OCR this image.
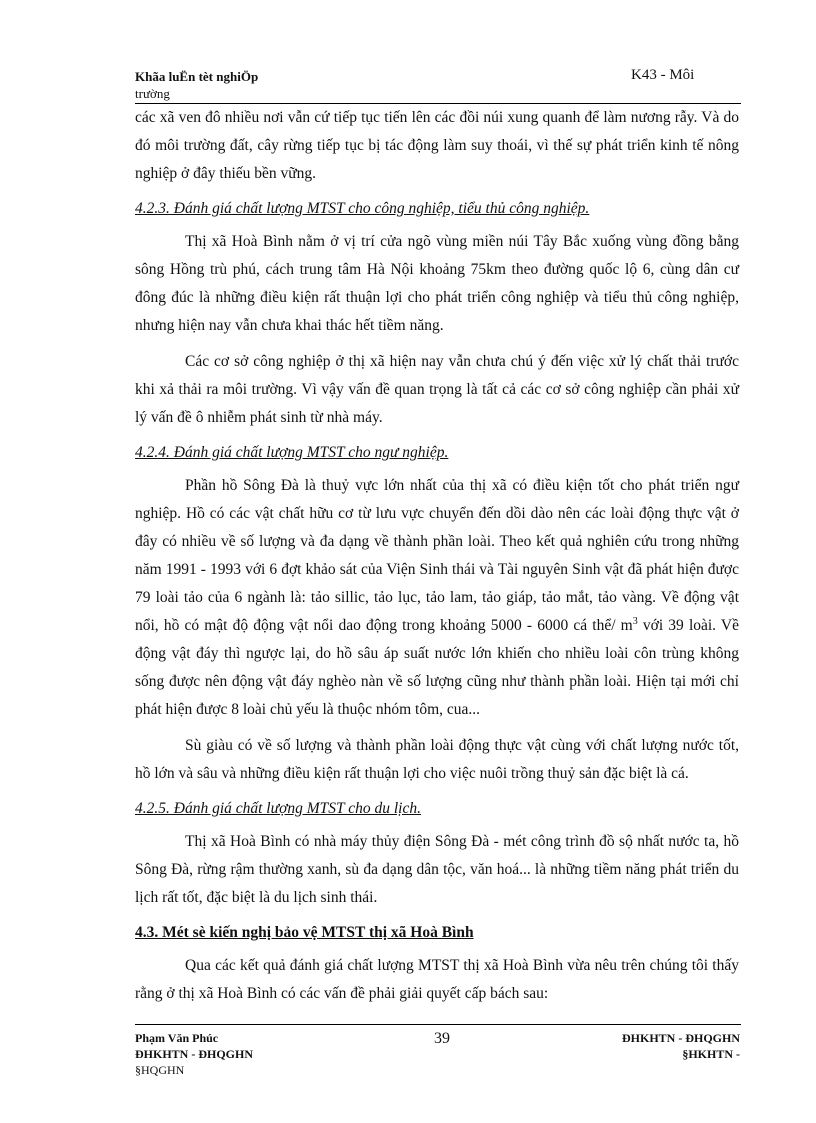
Khãa luËn tèt nghiÖp
trường
K43 - Môi

các xã ven đô nhiều nơi vẫn cứ tiếp tục tiến lên các đồi núi xung quanh để làm nương rẫy. Và do đó môi trường đất, cây rừng tiếp tục bị tác động làm suy thoái, vì thế sự phát triển kinh tế nông nghiệp ở đây thiếu bền vững.

4.2.3. Đánh giá chất lượng MTST cho công nghiệp, tiểu thủ công nghiệp.

Thị xã Hoà Bình nằm ở vị trí cửa ngõ vùng miền núi Tây Bắc xuống vùng đồng bằng sông Hồng trù phú, cách trung tâm Hà Nội khoảng 75km theo đường quốc lộ 6, cùng dân cư đông đúc là những điều kiện rất thuận lợi cho phát triển công nghiệp và tiểu thủ công nghiệp, nhưng hiện nay vẫn chưa khai thác hết tiềm năng.

Các cơ sở công nghiệp ở thị xã hiện nay vẫn chưa chú ý đến việc xử lý chất thải trước khi xả thải ra môi trường. Vì vậy vấn đề quan trọng là tất cả các cơ sở công nghiệp cần phải xử lý vấn đề ô nhiễm phát sinh từ nhà máy.

4.2.4. Đánh giá chất lượng MTST cho ngư nghiệp.

Phần hồ Sông Đà là thuỷ vực lớn nhất của thị xã có điều kiện tốt cho phát triển ngư nghiệp. Hồ có các vật chất hữu cơ từ lưu vực chuyển đến dồi dào nên các loài động thực vật ở đây có nhiều về số lượng và đa dạng về thành phần loài. Theo kết quả nghiên cứu trong những năm 1991 - 1993 với 6 đợt khảo sát của Viện Sinh thái và Tài nguyên Sinh vật đã phát hiện được 79 loài tảo của 6 ngành là: tảo sillic, tảo lục, tảo lam, tảo giáp, tảo mắt, tảo vàng. Về động vật nổi, hồ có mật độ động vật nổi dao động trong khoảng 5000 - 6000 cá thể/ $m^3$ với 39 loài. Về động vật đáy thì ngược lại, do hồ sâu áp suất nước lớn khiến cho nhiều loài côn trùng không sống được nên động vật đáy nghèo nàn về số lượng cũng như thành phần loài. Hiện tại mới chỉ phát hiện được 8 loài chủ yếu là thuộc nhóm tôm, cua...

Sù giàu có về số lượng và thành phần loài động thực vật cùng với chất lượng nước tốt, hồ lớn và sâu và những điều kiện rất thuận lợi cho việc nuôi trồng thuỷ sản đặc biệt là cá.

4.2.5. Đánh giá chất lượng MTST cho du lịch.

Thị xã Hoà Bình có nhà máy thủy điện Sông Đà - mét công trình đồ sộ nhất nước ta, hồ Sông Đà, rừng rậm thường xanh, sù đa dạng dân tộc, văn hoá... là những tiềm năng phát triển du lịch rất tốt, đặc biệt là du lịch sinh thái.

4.3. Mét sè kiến nghị bảo vệ MTST thị xã Hoà Bình

Qua các kết quả đánh giá chất lượng MTST thị xã Hoà Bình vừa nêu trên chúng tôi thấy rằng ở thị xã Hoà Bình có các vấn đề phải giải quyết cấp bách sau:

Phạm Văn Phúc
ĐHKHTN - ĐHQGHN
§HQGHN
39	ĐHKHTN - ĐHQGHN
§HKHTN -
